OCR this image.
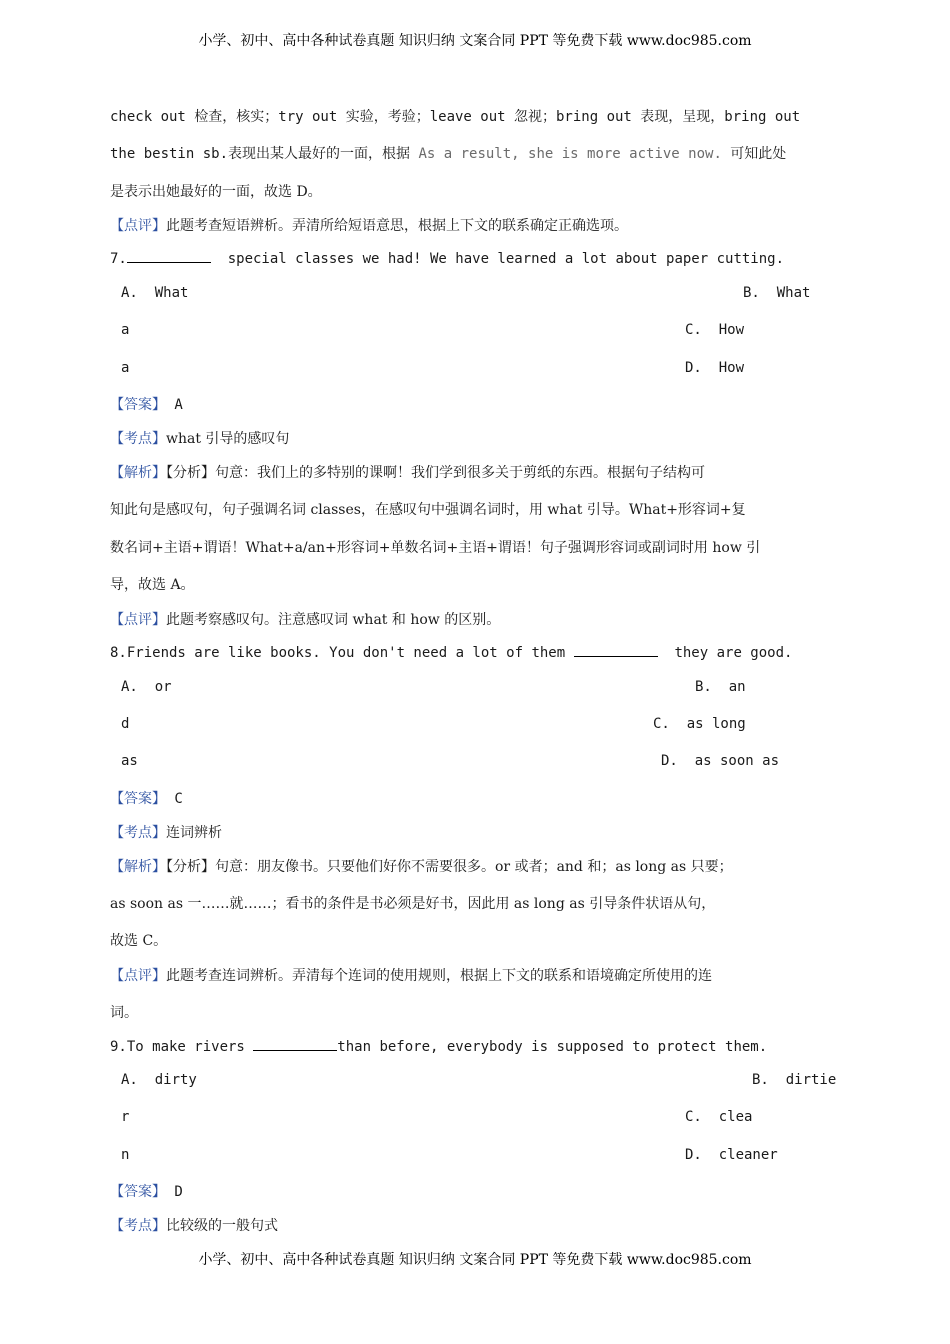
小学、初中、高中各种试卷真题 知识归纳 文案合同 PPT 等免费下载 www.doc985.com
check out 检查，核实；try out 实验，考验；leave out 忽视；bring out 表现，呈现，bring out
the bestin sb.表现出某人最好的一面，根据 As a result, she is more active now. 可知此处
是表示出她最好的一面，故选 D。
【点评】此题考查短语辨析。弄清所给短语意思，根据上下文的联系确定正确选项。
7.	special classes we had! We have learned a lot about paper cutting.
A.  What	B.  What
a	C.  How
a	D.  How
【答案】 A
【考点】what 引导的感叹句
【解析】【分析】句意：我们上的多特别的课啊！我们学到很多关于剪纸的东西。根据句子结构可
知此句是感叹句，句子强调名词 classes，在感叹句中强调名词时，用 what 引导。What+形容词+复
数名词+主语+谓语！What+a/an+形容词+单数名词+主语+谓语！句子强调形容词或副词时用 how 引
导，故选 A。
【点评】此题考察感叹句。注意感叹词 what 和 how 的区别。
8.Friends are like books. You don't need a lot of them	they are good.
A.  or	B.  an
d	C.  as long
as	D.  as soon as
【答案】 C
【考点】连词辨析
【解析】【分析】句意：朋友像书。只要他们好你不需要很多。or 或者；and 和；as long as 只要；
as soon as 一……就……；看书的条件是书必须是好书，因此用 as long as 引导条件状语从句，
故选 C。
【点评】此题考查连词辨析。弄清每个连词的使用规则，根据上下文的联系和语境确定所使用的连
词。
9.To make rivers	than before, everybody is supposed to protect them.
A.  dirty	B.  dirtie
r	C.  clea
n	D.  cleaner
【答案】 D
【考点】比较级的一般句式
小学、初中、高中各种试卷真题 知识归纳 文案合同 PPT 等免费下载 www.doc985.com
